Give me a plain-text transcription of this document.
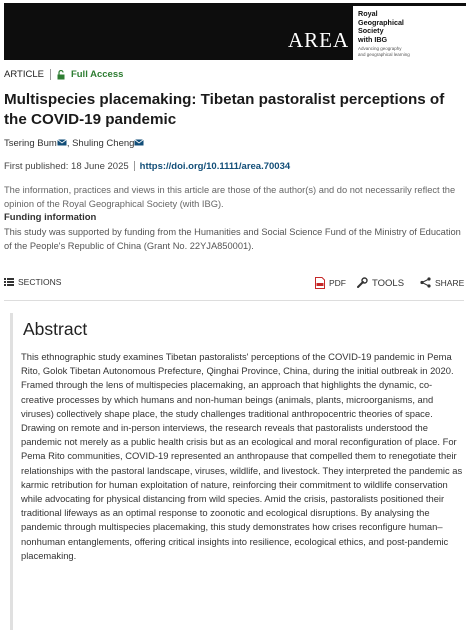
AREA
Royal
Geographical
Society
with IBG
Advancing geography
and geographical learning
ARTICLE	Full Access
Multispecies placemaking: Tibetan pastoralist perceptions of the COVID-19 pandemic
Tsering Bum , Shuling Cheng
First published: 18 June 2025 https://doi.org/10.1111/area.70034
The information, practices and views in this article are those of the author(s) and do not necessarily reflect the opinion of the Royal Geographical Society (with IBG).
Funding information
This study was supported by funding from the Humanities and Social Science Fund of the Ministry of Education of the People's Republic of China (Grant No. 22YJA850001).
SECTIONS	PDF	TOOLS	SHARE
Abstract
This ethnographic study examines Tibetan pastoralists' perceptions of the COVID-19 pandemic in Pema Rito, Golok Tibetan Autonomous Prefecture, Qinghai Province, China, during the initial outbreak in 2020. Framed through the lens of multispecies placemaking, an approach that highlights the dynamic, co-creative processes by which humans and non-human beings (animals, plants, microorganisms, and viruses) collectively shape place, the study challenges traditional anthropocentric theories of space. Drawing on remote and in-person interviews, the research reveals that pastoralists understood the pandemic not merely as a public health crisis but as an ecological and moral reconfiguration of place. For Pema Rito communities, COVID-19 represented an anthropause that compelled them to renegotiate their relationships with the pastoral landscape, viruses, wildlife, and livestock. They interpreted the pandemic as karmic retribution for human exploitation of nature, reinforcing their commitment to wildlife conservation while advocating for physical distancing from wild species. Amid the crisis, pastoralists positioned their traditional lifeways as an optimal response to zoonotic and ecological disruptions. By analysing the pandemic through multispecies placemaking, this study demonstrates how crises reconfigure human–nonhuman entanglements, offering critical insights into resilience, ecological ethics, and post-pandemic placemaking.
